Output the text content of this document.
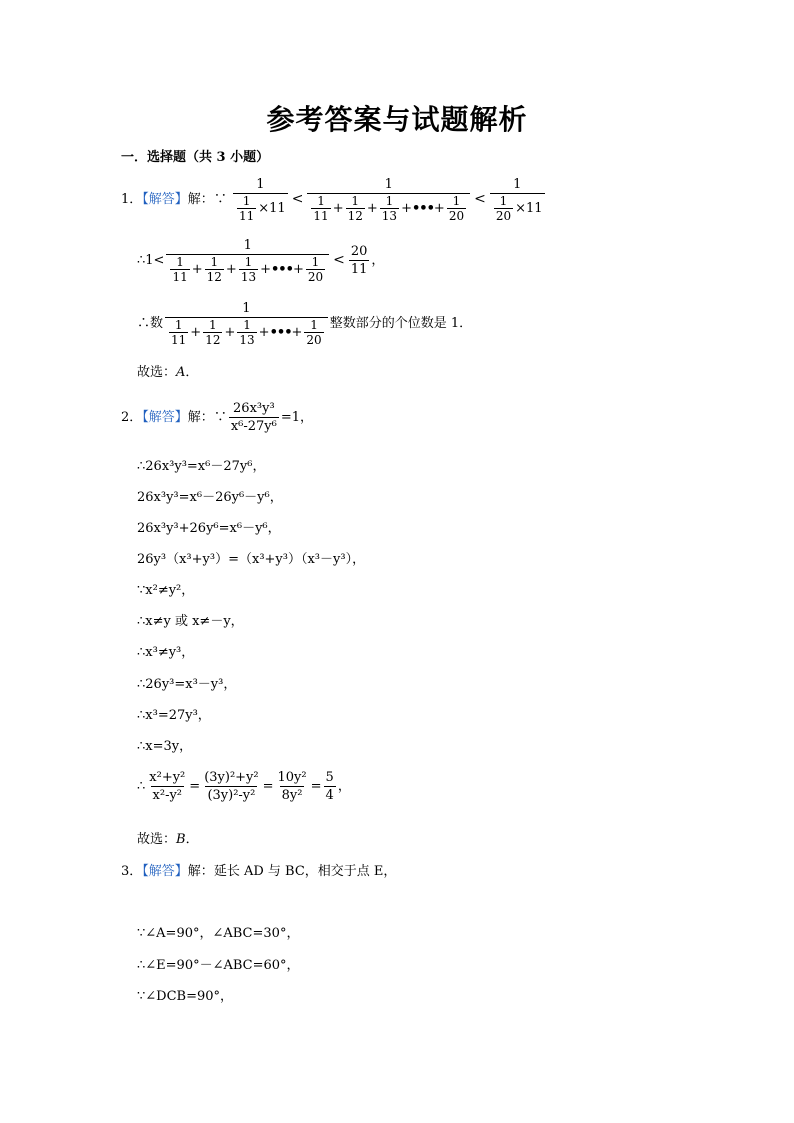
参考答案与试题解析
一．选择题（共 3 小题）
1．【解答】解：∵ $\frac{1}{\frac{1}{11} \times 11} < \frac{1}{\frac{1}{11} + \frac{1}{12} + \frac{1}{13} +•••+ \frac{1}{20}} < \frac{1}{\frac{1}{20} \times 11}$
∴1< $\frac{1}{\frac{1}{11} + \frac{1}{12} + \frac{1}{13} +•••+ \frac{1}{20}} < \frac{20}{11}$ ，
∴数 $\frac{1}{\frac{1}{11} + \frac{1}{12} + \frac{1}{13} +•••+ \frac{1}{20}}$ 整数部分的个位数是 1．
故选：A．
2．【解答】解：∵ $\frac{\text{26x³y³}}{\text{x⁶-27y⁶}} =1$，
∴26x³y³=x⁶－27y⁶，
26x³y³=x⁶－26y⁶－y⁶，
26x³y³+26y⁶=x⁶－y⁶，
26y³（x³+y³）=（x³+y³）（x³－y³），
∵x²≠y²，
∴x≠y 或 x≠－y，
∴x³≠y³，
∴26y³=x³－y³，
∴x³=27y³，
∴x=3y，
∴ $\frac{\text{x²+y²}}{\text{x²-y²}} = \frac{\text{(3y)²+y²}}{\text{(3y)²-y²}} = \frac{\text{10y²}}{\text{8y²}} = \frac{5}{4}$ ，
故选：B．
3．【解答】解：延长 AD 与 BC，相交于点 E，
∵∠A=90°，∠ABC=30°，
∴∠E=90°－∠ABC=60°，
∵∠DCB=90°，
